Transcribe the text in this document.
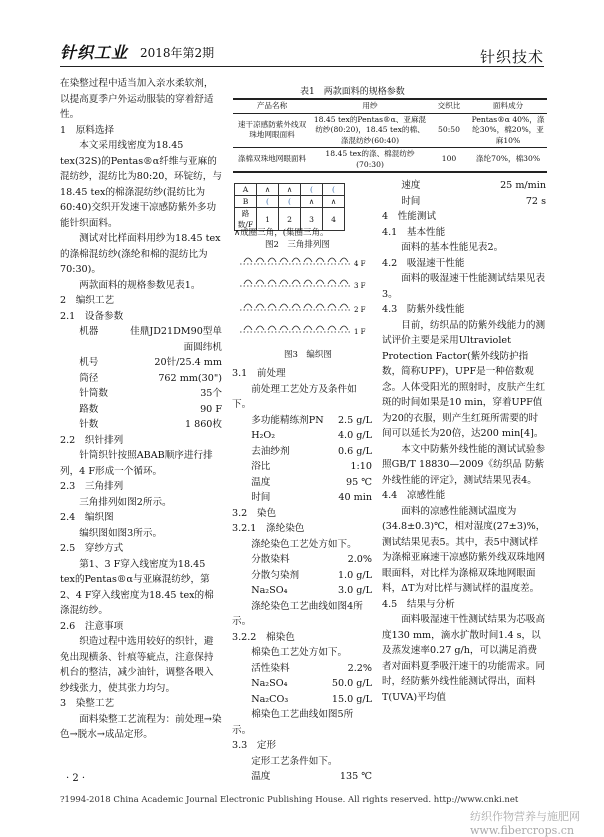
针织工业 2018年第2期	针织技术

在染整过程中适当加入亲水柔软剂，以提高夏季户外运动服装的穿着舒适性。

1　原料选择

本文采用线密度为18.45 tex(32S)的Pentas®α纤维与亚麻的混纺纱，混纺比为80:20，环锭纺，与18.45 tex的棉涤混纺纱(混纺比为60:40)交织开发速干凉感防紫外多功能针织面料。

测试对比样面料用纱为18.45 tex的涤棉混纺纱(涤纶和棉的混纺比为70:30)。

两款面料的规格参数见表1。

2　编织工艺

2.1　设备参数

机器	佳鼎JD21DM90型单面圆纬机
机号	20针/25.4 mm
筒径	762 mm(30")
针筒数	35个
路数	90 F
针数	1 860枚

2.2　织针排列

针筒织针按照ABAB顺序进行排列，4 F形成一个循环。

2.3　三角排列

三角排列如图2所示。

2.4　编织图

编织图如图3所示。

2.5　穿纱方式

第1、3 F穿入线密度为18.45 tex的Pentas®α与亚麻混纺纱，第2、4 F穿入线密度为18.45 tex的棉涤混纺纱。

2.6　注意事项

织造过程中选用较好的织针，避免出现横条、针痕等疵点，注意保持机台的整洁，减少油针，调整各喂入纱线张力，使其张力均匀。

3　染整工艺

面料染整工艺流程为：前处理→染色→脱水→成品定形。

表1　两款面料的规格参数
产品名称	用纱	交织比	面料成分
速干凉感防紫外线双珠地网眼面料	18.45 tex的Pentas®α、亚麻混纺纱(80:20)，18.45 tex的棉、涤混纺纱(60:40)	50:50	Pentas®α 40%，涤纶30%，棉20%，亚麻10%
涤棉双珠地网眼面料	18.45 tex的涤、棉混纺纱(70:30)	100	涤纶70%，棉30%
A	∧	∧	(	(
B	(	(	∧	∧
路数/F	1	2	3	4
∧成圈三角，(集圈三角。
图2　三角排列图
4 F
3 F
2 F
1 F
图3　编织图

3.1　前处理

前处理工艺处方及条件如下。

多功能精练剂PN 2.5 g/L
H₂O₂	4.0 g/L
去油纱剂	0.6 g/L
浴比	1:10
温度	95 ℃
时间	40 min

3.2　染色

3.2.1　涤纶染色

涤纶染色工艺处方如下。

分散染料	2.0%
分散匀染剂	1.0 g/L
Na₂SO₄	3.0 g/L

涤纶染色工艺曲线如图4所示。

3.2.2　棉染色

棉染色工艺处方如下。

活性染料	2.2%
Na₂SO₄	50.0 g/L
Na₂CO₃	15.0 g/L

棉染色工艺曲线如图5所示。

3.3　定形

定形工艺条件如下。

温度	135 ℃
速度	25 m/min
时间	72 s

4　性能测试

4.1　基本性能

面料的基本性能见表2。

4.2　吸湿速干性能

面料的吸湿速干性能测试结果见表3。

4.3　防紫外线性能

目前，纺织品的防紫外线能力的测试评价主要是采用Ultraviolet Protection Factor(紫外线防护指数，简称UPF)，UPF是一种倍数观念。人体受阳光的照射时，皮肤产生红斑的时间如果是10 min，穿着UPF值为20的衣服，则产生红斑所需要的时间可以延长为20倍，达200 min[4]。

本文中防紫外线性能的测试试验参照GB/T 18830—2009《纺织品 防紫外线性能的评定》，测试结果见表4。

4.4　凉感性能

面料的凉感性能测试温度为(34.8±0.3)℃，相对湿度(27±3)%，测试结果见表5。其中，表5中测试样为涤棉亚麻速干凉感防紫外线双珠地网眼面料，对比样为涤棉双珠地网眼面料，ΔT为对比样与测试样的温度差。

4.5　结果与分析

面料吸湿速干性测试结果为芯吸高度130 mm，滴水扩散时间1.4 s，以及蒸发速率0.27 g/h，可以满足消费者对面料夏季吸汗速干的功能需求。同时，经防紫外线性能测试得出，面料T(UVA)平均值

· 2 ·
?1994-2018 China Academic Journal Electronic Publishing House. All rights reserved. http://www.cnki.net
纺织作物营养与施肥网 www.fibercrops.cn
